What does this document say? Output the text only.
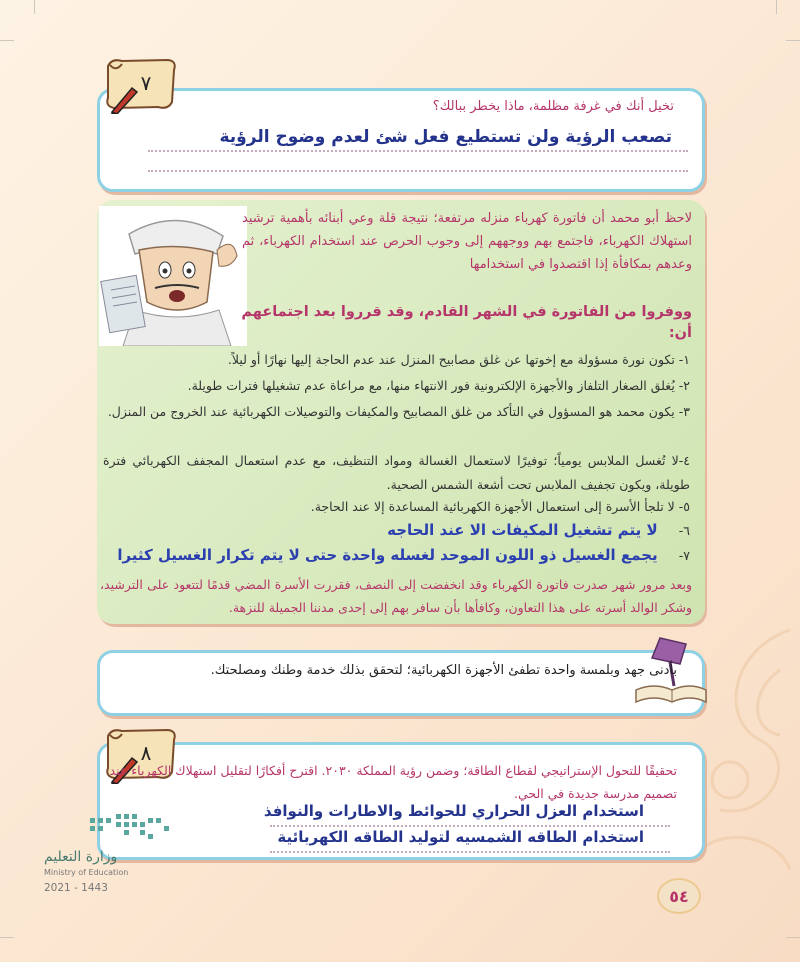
٧
تخيل أنك في غرفة مظلمة، ماذا يخطر ببالك؟
تصعب الرؤية ولن تستطيع فعل شئ لعدم وضوح الرؤية
لاحظ أبو محمد أن فاتورة كهرباء منزله مرتفعة؛ نتيجة قلة وعي أبنائه بأهمية ترشيد استهلاك الكهرباء، فاجتمع بهم ووجههم إلى وجوب الحرص عند استخدام الكهرباء، ثم وعدهم بمكافأة إذا اقتصدوا في استخدامها
ووفروا من الفاتورة في الشهر القادم، وقد قرروا بعد اجتماعهم
أن:
١- تكون نورة مسؤولة مع إخوتها عن غلق مصابيح المنزل عند عدم الحاجة إليها نهارًا أو ليلاً.
٢- يُغلق الصغار التلفاز والأجهزة الإلكترونية فور الانتهاء منها، مع مراعاة عدم تشغيلها فترات طويلة.
٣- يكون محمد هو المسؤول في التأكد من غلق المصابيح والمكيفات والتوصيلات الكهربائية عند الخروج من المنزل.
٤-لا تُغسل الملابس يومياً؛ توفيرًا لاستعمال الغسالة ومواد التنظيف، مع عدم استعمال المجفف الكهربائي فترة طويلة، ويكون تجفيف الملابس تحت أشعة الشمس الصحية.
٥- لا تلجأ الأسرة إلى استعمال الأجهزة الكهربائية المساعدة إلا عند الحاجة.
٦- لا يتم تشغيل المكيفات الا عند الحاجه
٧- يجمع الغسيل ذو اللون الموحد لغسله واحدة حتى لا يتم تكرار الغسيل كثيرا
وبعد مرور شهر صدرت فاتورة الكهرباء وقد انخفضت إلى النصف، فقررت الأسرة المضي قدمًا لتتعود على الترشيد، وشكر الوالد أسرته على هذا التعاون، وكافأها بأن سافر بهم إلى إحدى مدننا الجميلة للنزهة.
بأدنى جهد وبلمسة واحدة تطفئ الأجهزة الكهربائية؛ لتحقق بذلك خدمة وطنك ومصلحتك.
٨
تحقيقًا للتحول الإستراتيجي لقطاع الطاقة؛ وضمن رؤية المملكة ٢٠٣٠. اقترح أفكارًا لتقليل استهلاك الكهرباء عند تصميم مدرسة جديدة في الحي.
استخدام العزل الحراري للحوائط والاطارات والنوافذ
استخدام الطاقه الشمسيه لتوليد الطاقه الكهربائية
وزارة التعليم
Ministry of Education
2021 - 1443	٥٤
